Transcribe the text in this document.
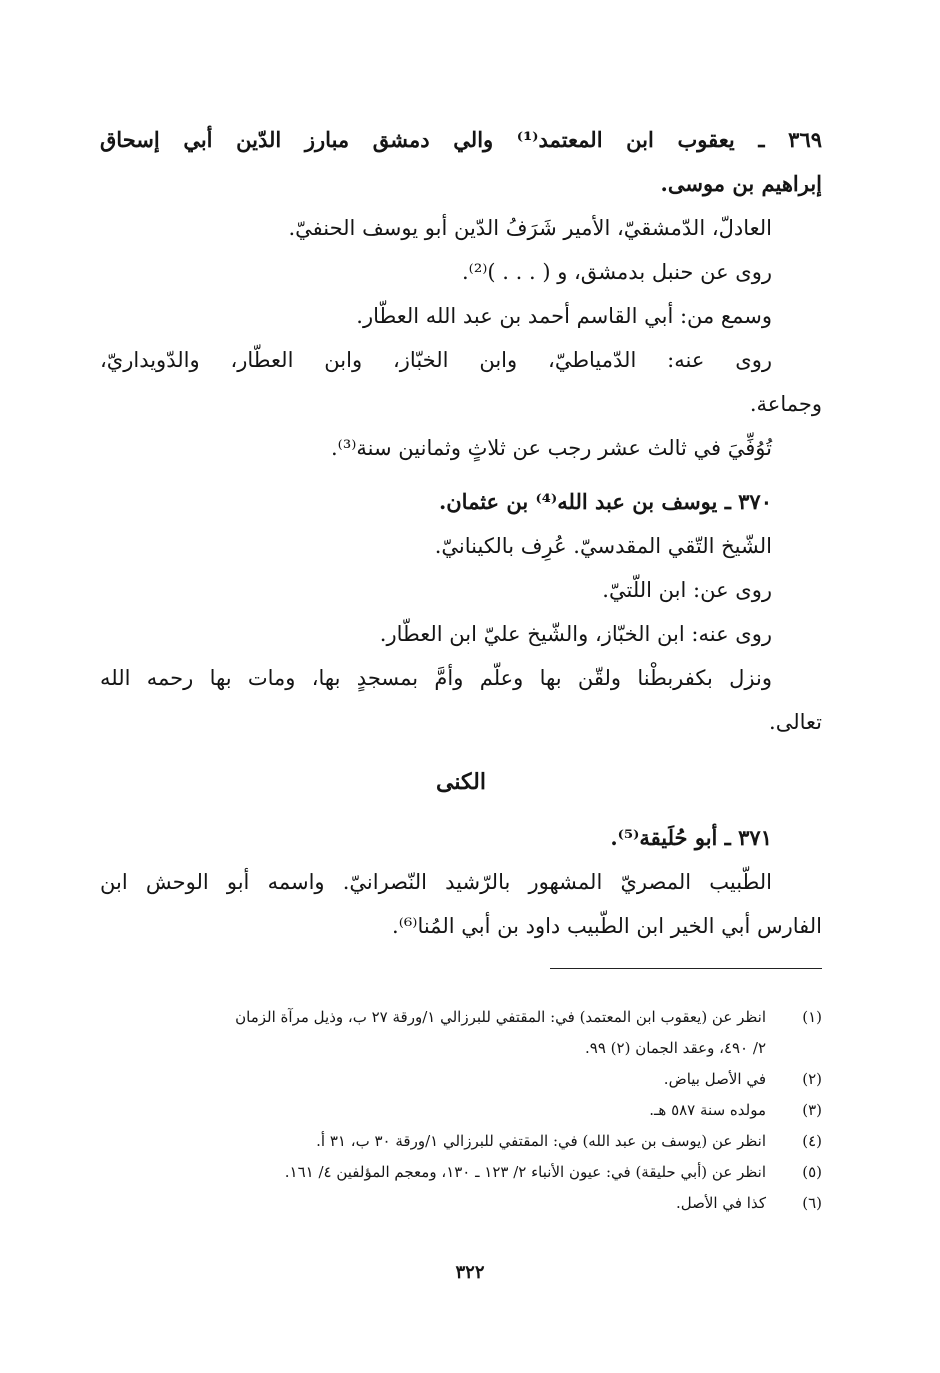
٣٦٩ ـ يعقوب ابن المعتمد⁽¹⁾ والي دمشق مبارز الدّين أبي إسحاق
إبراهيم بن موسى.
العادلّ، الدّمشقيّ، الأمير شَرَفُ الدّين أبو يوسف الحنفيّ.
روى عن حنبل بدمشق، و ( . . . )⁽²⁾.
وسمع من: أبي القاسم أحمد بن عبد الله العطّار.
روى عنه: الدّمياطيّ، وابن الخبّاز، وابن العطّار، والدّويداريّ،
وجماعة.
تُوُفِّيَ في ثالث عشر رجب عن ثلاثٍ وثمانين سنة⁽³⁾.
٣٧٠ ـ يوسف بن عبد الله⁽⁴⁾ بن عثمان.
الشّيخ التّقي المقدسيّ. عُرِف بالكينانيّ.
روى عن: ابن اللّتيّ.
روى عنه: ابن الخبّاز، والشّيخ عليّ ابن العطّار.
ونزل بكفربطْنا ولقّن بها وعلّم وأمَّ بمسجدٍ بها، ومات بها رحمه الله
تعالى.
الكنى
٣٧١ ـ أبو حُلَيقة⁽⁵⁾.
الطّبيب المصريّ المشهور بالرّشيد النّصرانيّ. واسمه أبو الوحش ابن
الفارس أبي الخير ابن الطّبيب داود بن أبي المُنا⁽⁶⁾.
(١)
انظر عن (يعقوب ابن المعتمد) في: المقتفي للبرزالي ١/ورقة ٢٧ ب، وذيل مرآة الزمان
٢/ ٤٩٠، وعقد الجمان (٢) ٩٩.
(٢)
في الأصل بياض.
(٣)
مولده سنة ٥٨٧ هـ.
(٤)
انظر عن (يوسف بن عبد الله) في: المقتفي للبرزالي ١/ورقة ٣٠ ب، ٣١ أ.
(٥)
انظر عن (أبي حليقة) في: عيون الأنباء ٢/ ١٢٣ ـ ١٣٠، ومعجم المؤلفين ٤/ ١٦١.
(٦)
كذا في الأصل.
٣٢٢
